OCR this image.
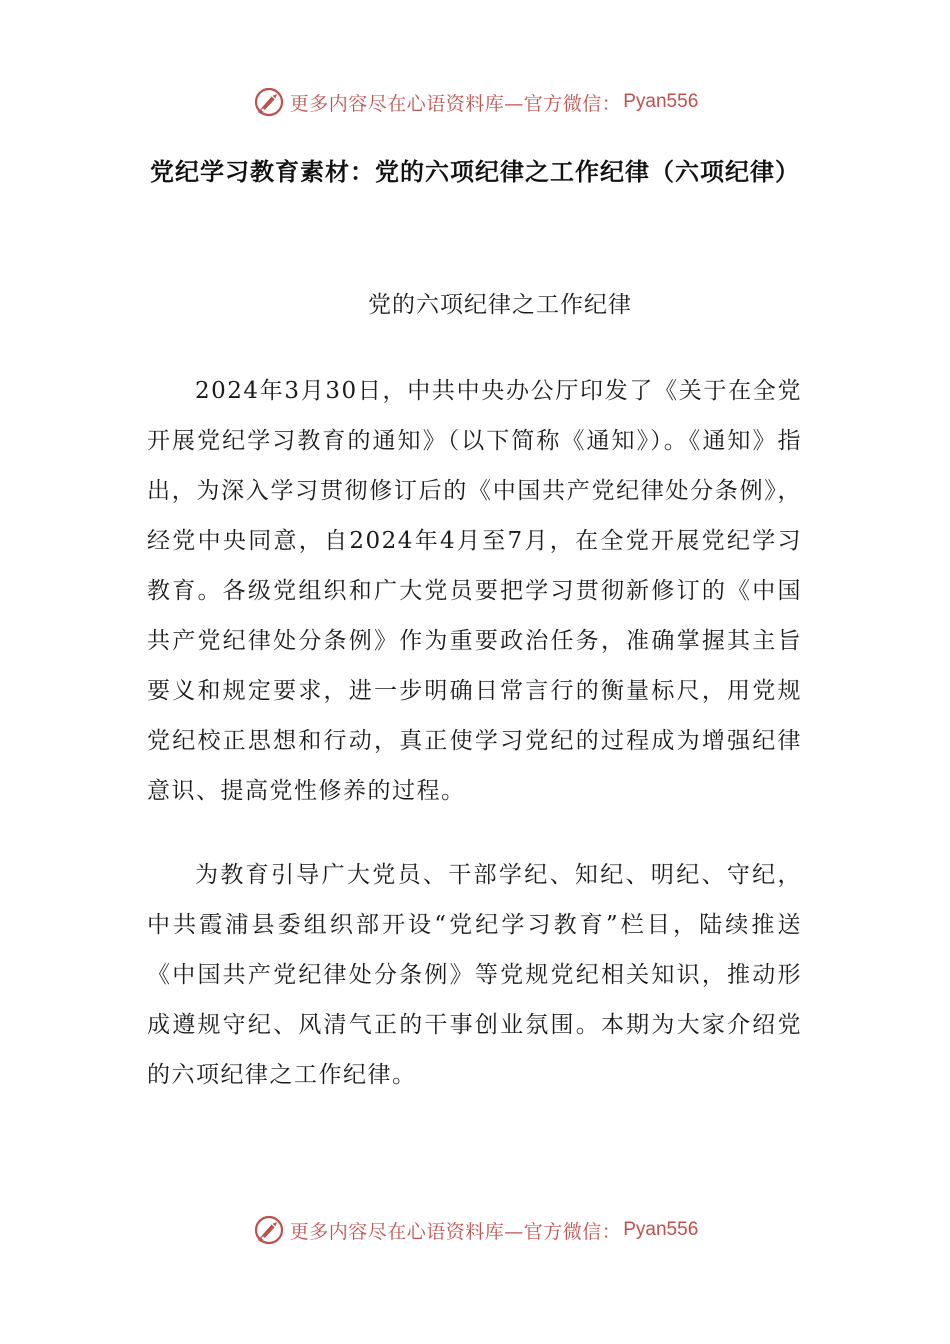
更多内容尽在心语资料库—官方微信： Pyan556
党纪学习教育素材：党的六项纪律之工作纪律（六项纪律）
党的六项纪律之工作纪律

2024年3月30日，中共中央办公厅印发了《关于在全党开展党纪学习教育的通知》（以下简称《通知》）。《通知》指出，为深入学习贯彻修订后的《中国共产党纪律处分条例》，经党中央同意，自2024年4月至7月，在全党开展党纪学习教育。各级党组织和广大党员要把学习贯彻新修订的《中国共产党纪律处分条例》作为重要政治任务，准确掌握其主旨要义和规定要求，进一步明确日常言行的衡量标尺，用党规党纪校正思想和行动，真正使学习党纪的过程成为增强纪律意识、提高党性修养的过程。

为教育引导广大党员、干部学纪、知纪、明纪、守纪，中共霞浦县委组织部开设“党纪学习教育”栏目，陆续推送《中国共产党纪律处分条例》等党规党纪相关知识，推动形成遵规守纪、风清气正的干事创业氛围。本期为大家介绍党的六项纪律之工作纪律。

更多内容尽在心语资料库—官方微信： Pyan556
